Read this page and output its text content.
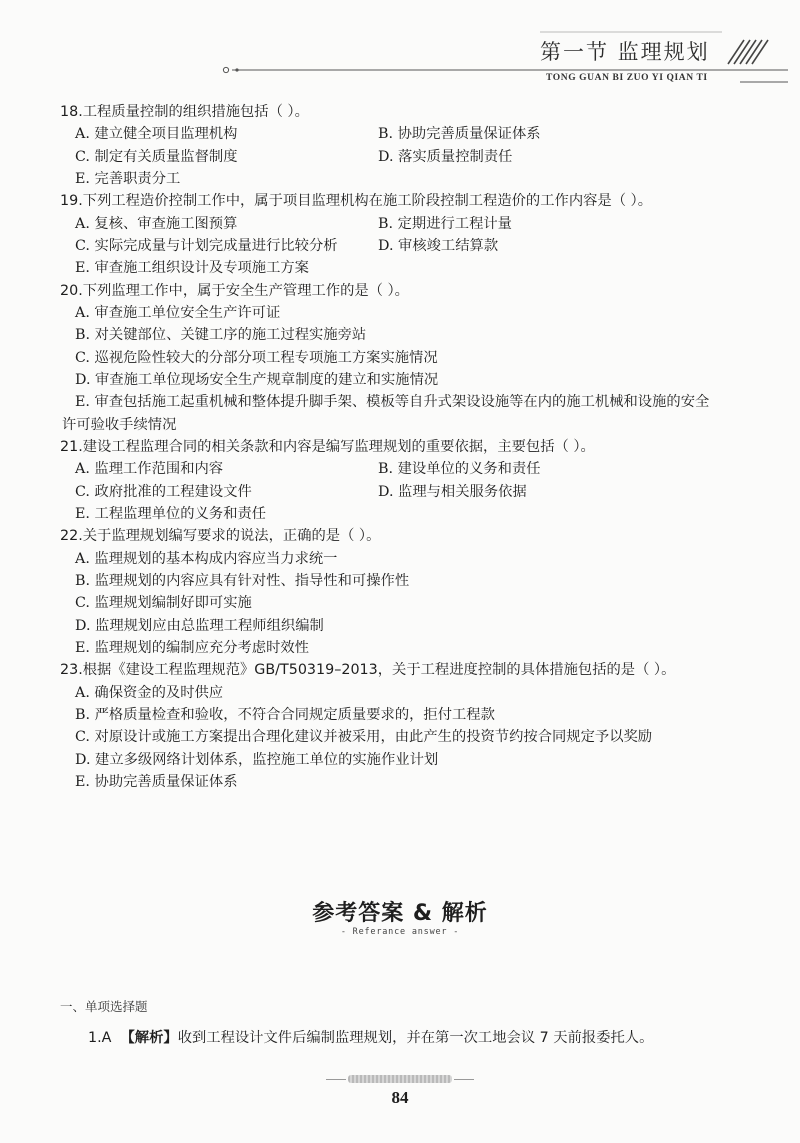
第一节 监理规划
TONG GUAN BI ZUO YI QIAN TI
18.工程质量控制的组织措施包括（ ）。
A. 建立健全项目监理机构	B. 协助完善质量保证体系
C. 制定有关质量监督制度	D. 落实质量控制责任
E. 完善职责分工
19.下列工程造价控制工作中，属于项目监理机构在施工阶段控制工程造价的工作内容是（ ）。
A. 复核、审查施工图预算	B. 定期进行工程计量
C. 实际完成量与计划完成量进行比较分析	D. 审核竣工结算款
E. 审查施工组织设计及专项施工方案
20.下列监理工作中，属于安全生产管理工作的是（ ）。
A. 审查施工单位安全生产许可证
B. 对关键部位、关键工序的施工过程实施旁站
C. 巡视危险性较大的分部分项工程专项施工方案实施情况
D. 审查施工单位现场安全生产规章制度的建立和实施情况
E. 审查包括施工起重机械和整体提升脚手架、模板等自升式架设设施等在内的施工机械和设施的安全
许可验收手续情况
21.建设工程监理合同的相关条款和内容是编写监理规划的重要依据，主要包括（ ）。
A. 监理工作范围和内容	B. 建设单位的义务和责任
C. 政府批准的工程建设文件	D. 监理与相关服务依据
E. 工程监理单位的义务和责任
22.关于监理规划编写要求的说法，正确的是（ ）。
A. 监理规划的基本构成内容应当力求统一
B. 监理规划的内容应具有针对性、指导性和可操作性
C. 监理规划编制好即可实施
D. 监理规划应由总监理工程师组织编制
E. 监理规划的编制应充分考虑时效性
23.根据《建设工程监理规范》GB/T50319–2013，关于工程进度控制的具体措施包括的是（ ）。
A. 确保资金的及时供应
B. 严格质量检查和验收，不符合合同规定质量要求的，拒付工程款
C. 对原设计或施工方案提出合理化建议并被采用，由此产生的投资节约按合同规定予以奖励
D. 建立多级网络计划体系，监控施工单位的实施作业计划
E. 协助完善质量保证体系
参考答案 & 解析
- Referance answer -
一、单项选择题
1.A 【解析】收到工程设计文件后编制监理规划，并在第一次工地会议 7 天前报委托人。
84
